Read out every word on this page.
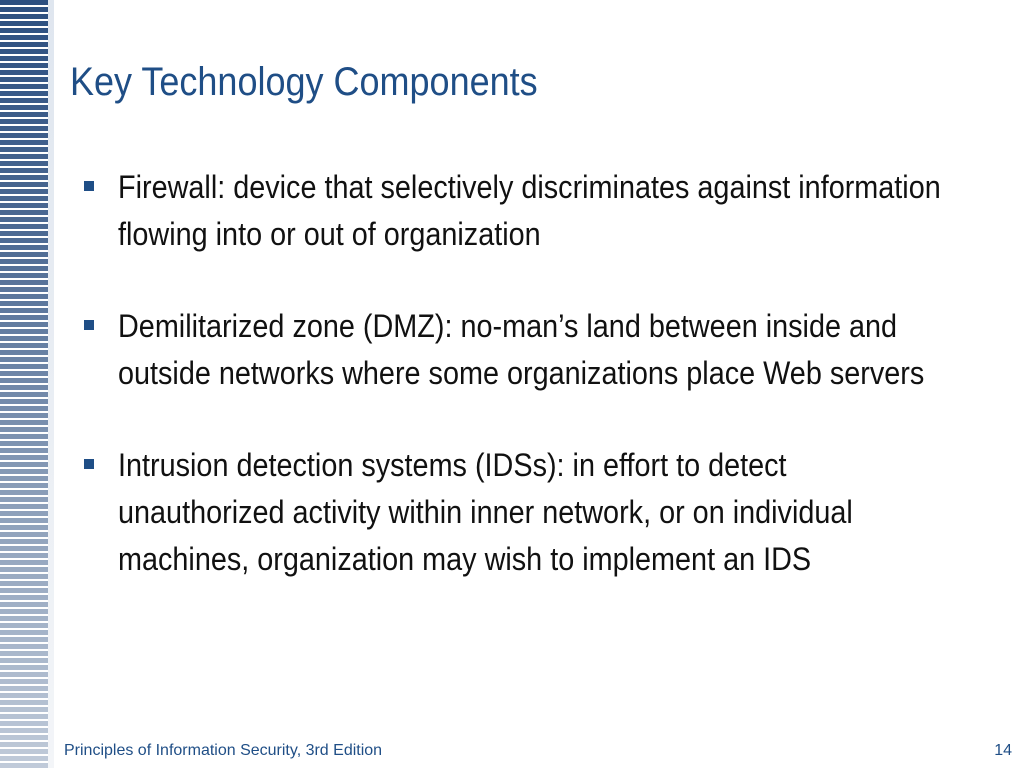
Key Technology Components
Firewall: device that selectively discriminates against information flowing into or out of organization
Demilitarized zone (DMZ): no-man’s land between inside and outside networks where some organizations place Web servers
Intrusion detection systems (IDSs): in effort to detect unauthorized activity within inner network, or on individual machines, organization may wish to implement an IDS
Principles of Information Security, 3rd Edition	14
